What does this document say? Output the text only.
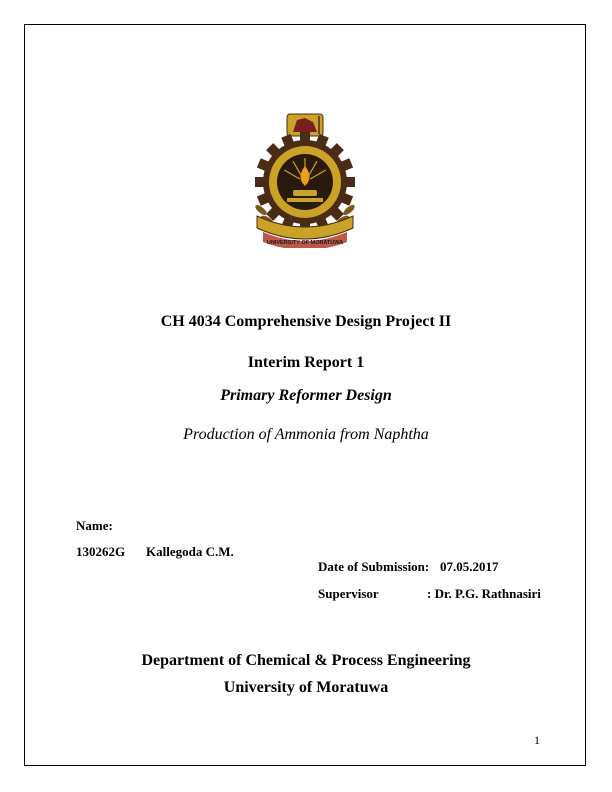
UNIVERSITY OF MORATUWA
CH 4034 Comprehensive Design Project II
Interim Report 1
Primary Reformer Design
Production of Ammonia from Naphtha
Name:
130262G Kallegoda C.M.
Date of Submission: 07.05.2017
Supervisor	: Dr. P.G. Rathnasiri
Department of Chemical & Process Engineering
University of Moratuwa
1
